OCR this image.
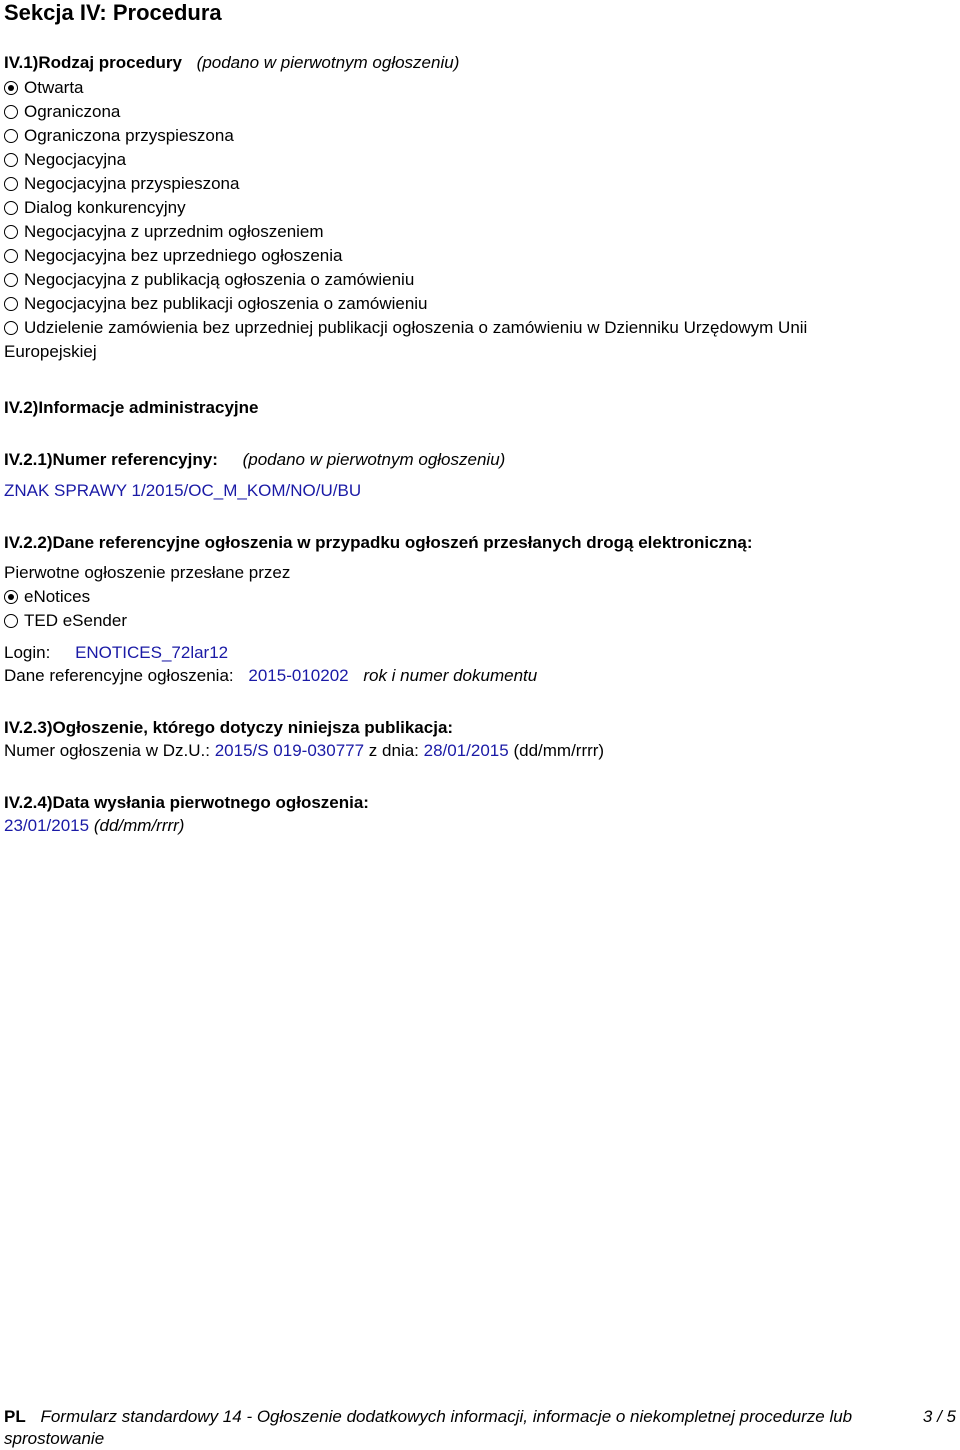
Sekcja IV: Procedura
IV.1)Rodzaj procedury (podano w pierwotnym ogłoszeniu)
Otwarta
Ograniczona
Ograniczona przyspieszona
Negocjacyjna
Negocjacyjna przyspieszona
Dialog konkurencyjny
Negocjacyjna z uprzednim ogłoszeniem
Negocjacyjna bez uprzedniego ogłoszenia
Negocjacyjna z publikacją ogłoszenia o zamówieniu
Negocjacyjna bez publikacji ogłoszenia o zamówieniu
Udzielenie zamówienia bez uprzedniej publikacji ogłoszenia o zamówieniu w Dzienniku Urzędowym Unii
Europejskiej
IV.2)Informacje administracyjne
IV.2.1)Numer referencyjny: (podano w pierwotnym ogłoszeniu)
ZNAK SPRAWY 1/2015/OC_M_KOM/NO/U/BU
IV.2.2)Dane referencyjne ogłoszenia w przypadku ogłoszeń przesłanych drogą elektroniczną:
Pierwotne ogłoszenie przesłane przez
eNotices
TED eSender
Login: ENOTICES_72lar12
Dane referencyjne ogłoszenia: 2015-010202 rok i numer dokumentu
IV.2.3)Ogłoszenie, którego dotyczy niniejsza publikacja:
Numer ogłoszenia w Dz.U.: 2015/S 019-030777 z dnia: 28/01/2015 (dd/mm/rrrr)
IV.2.4)Data wysłania pierwotnego ogłoszenia:
23/01/2015 (dd/mm/rrrr)
PL Formularz standardowy 14 - Ogłoszenie dodatkowych informacji, informacje o niekompletnej procedurze lub
sprostowanie
3 / 5
